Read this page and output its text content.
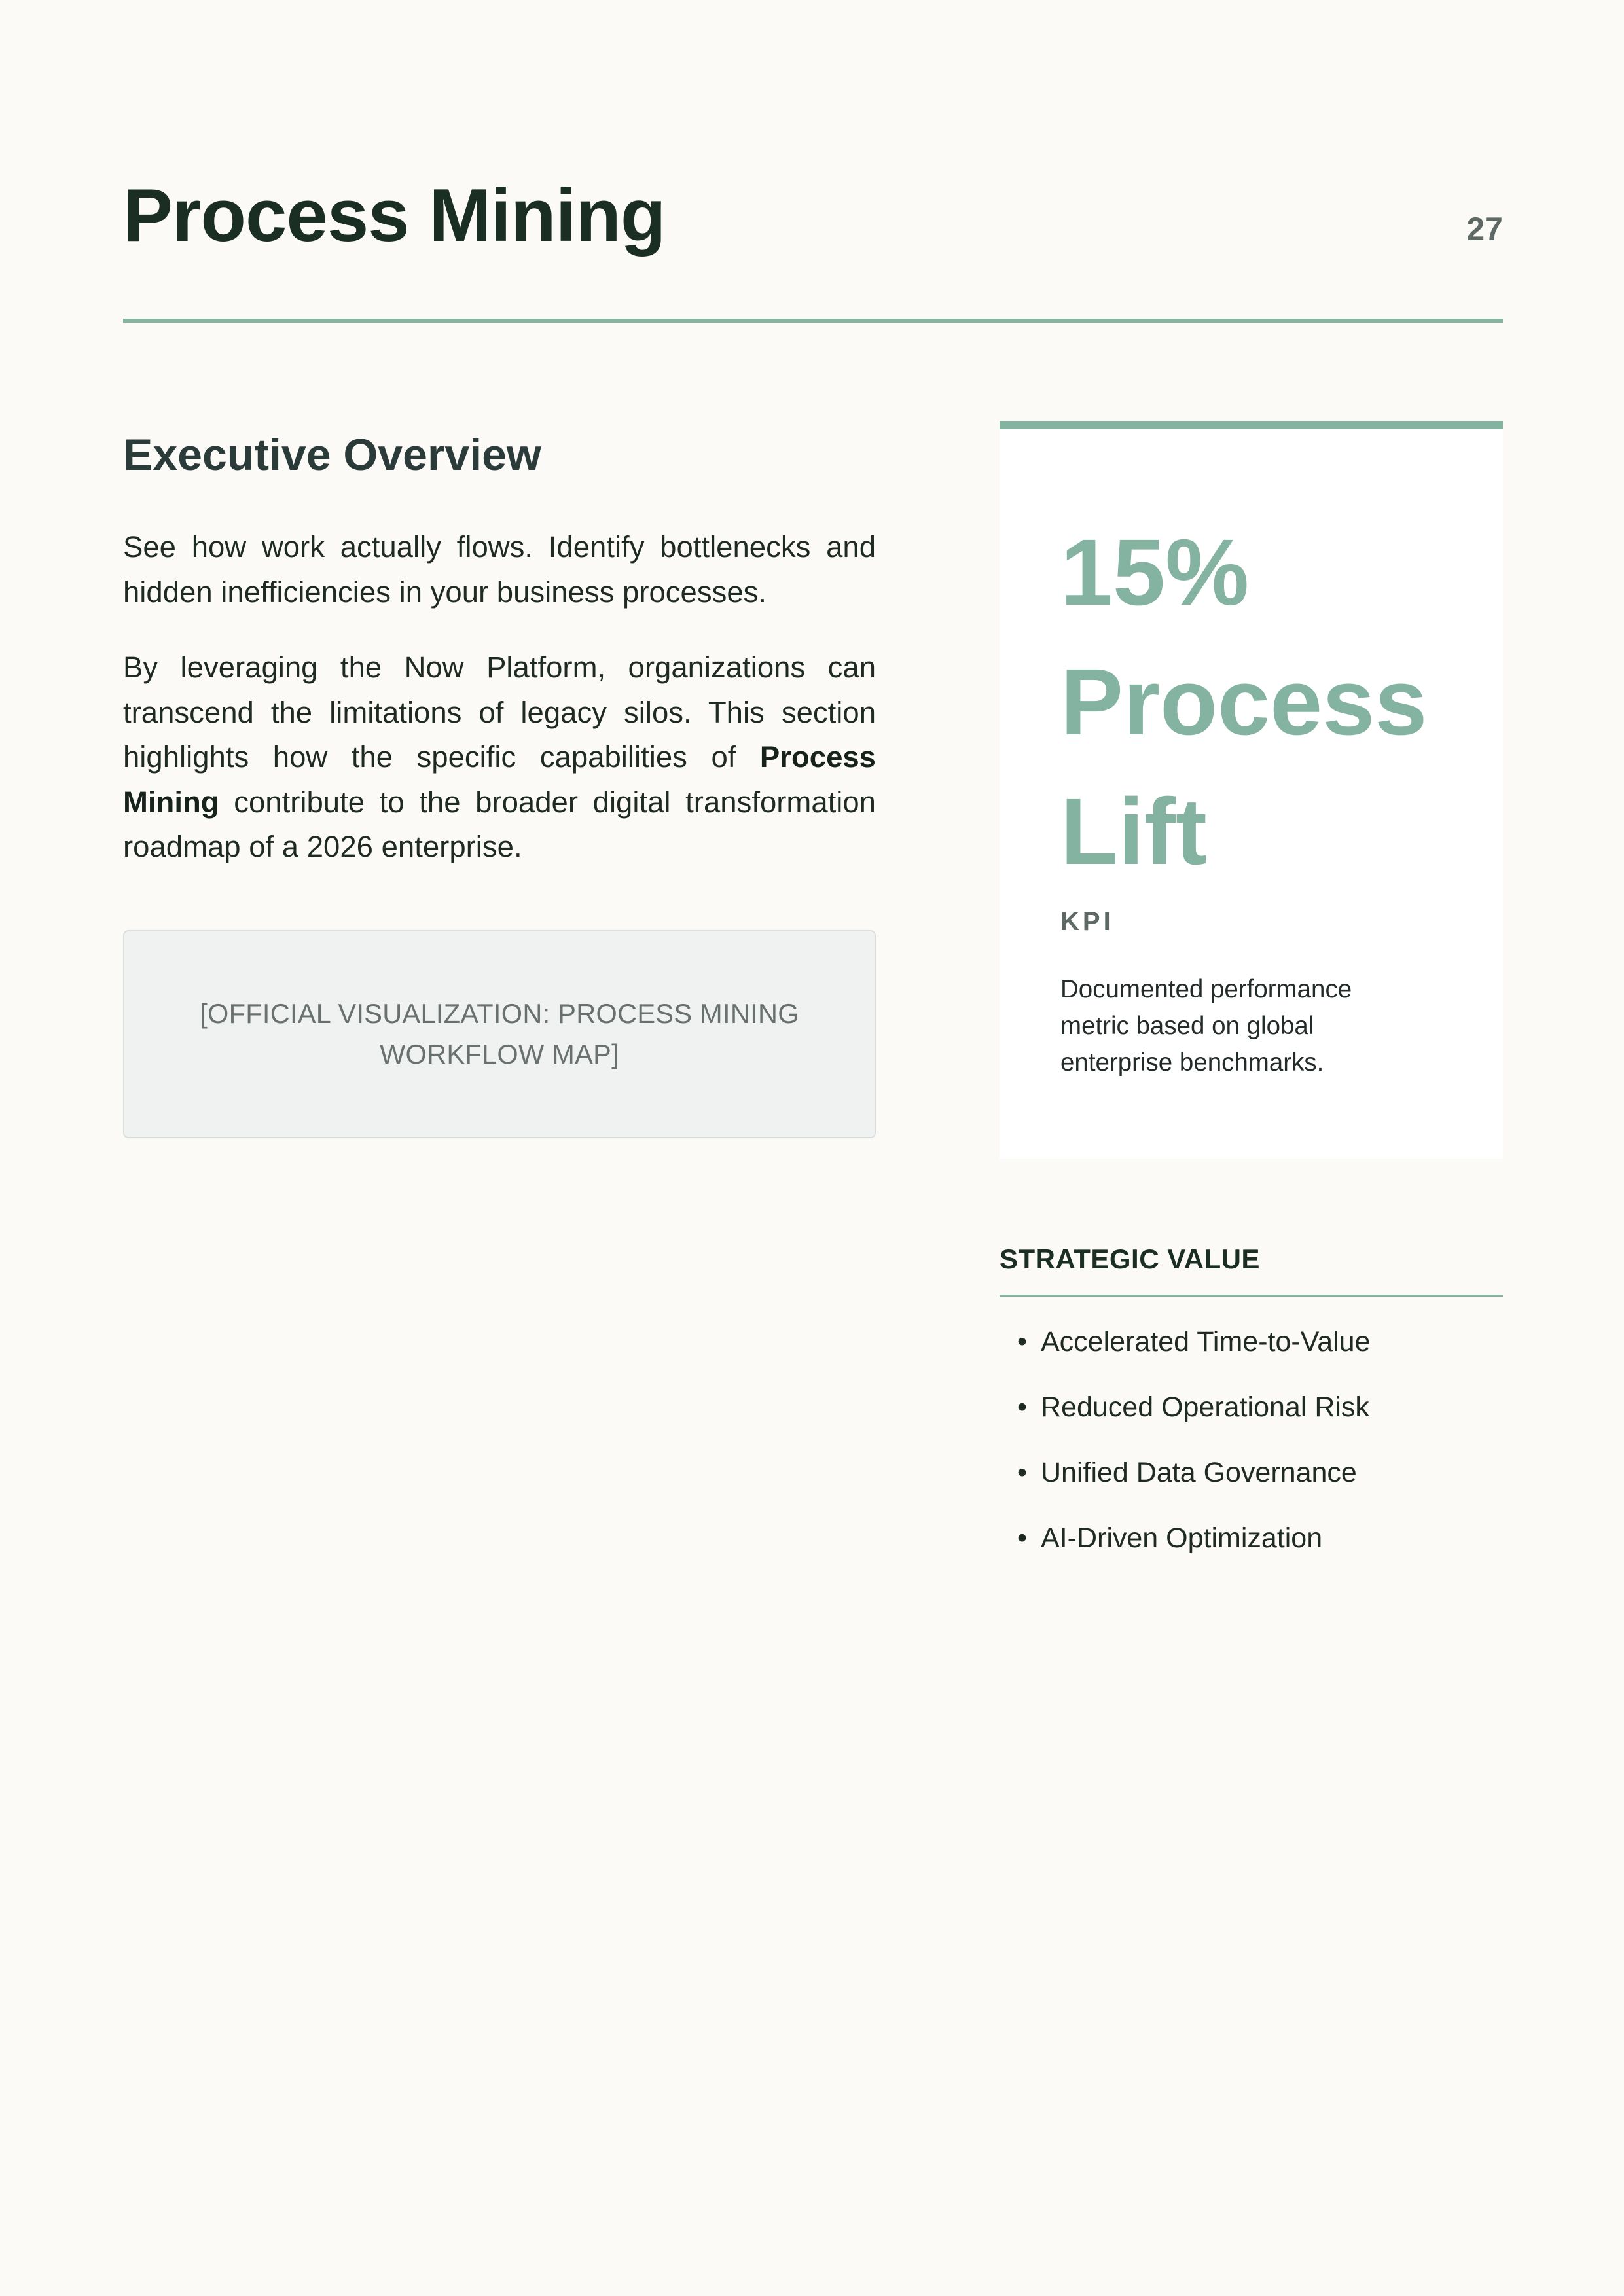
Process Mining	27
Executive Overview

See how work actually flows. Identify bottlenecks and hidden inefficiencies in your business processes.

By leveraging the Now Platform, organizations can transcend the limitations of legacy silos. This section highlights how the specific capabilities of Process Mining contribute to the broader digital transformation roadmap of a 2026 enterprise.

[OFFICIAL VISUALIZATION: PROCESS MINING WORKFLOW MAP]
15% Process Lift
KPI
Documented performance metric based on global enterprise benchmarks.
STRATEGIC VALUE
• Accelerated Time-to-Value
• Reduced Operational Risk
• Unified Data Governance
• AI-Driven Optimization
